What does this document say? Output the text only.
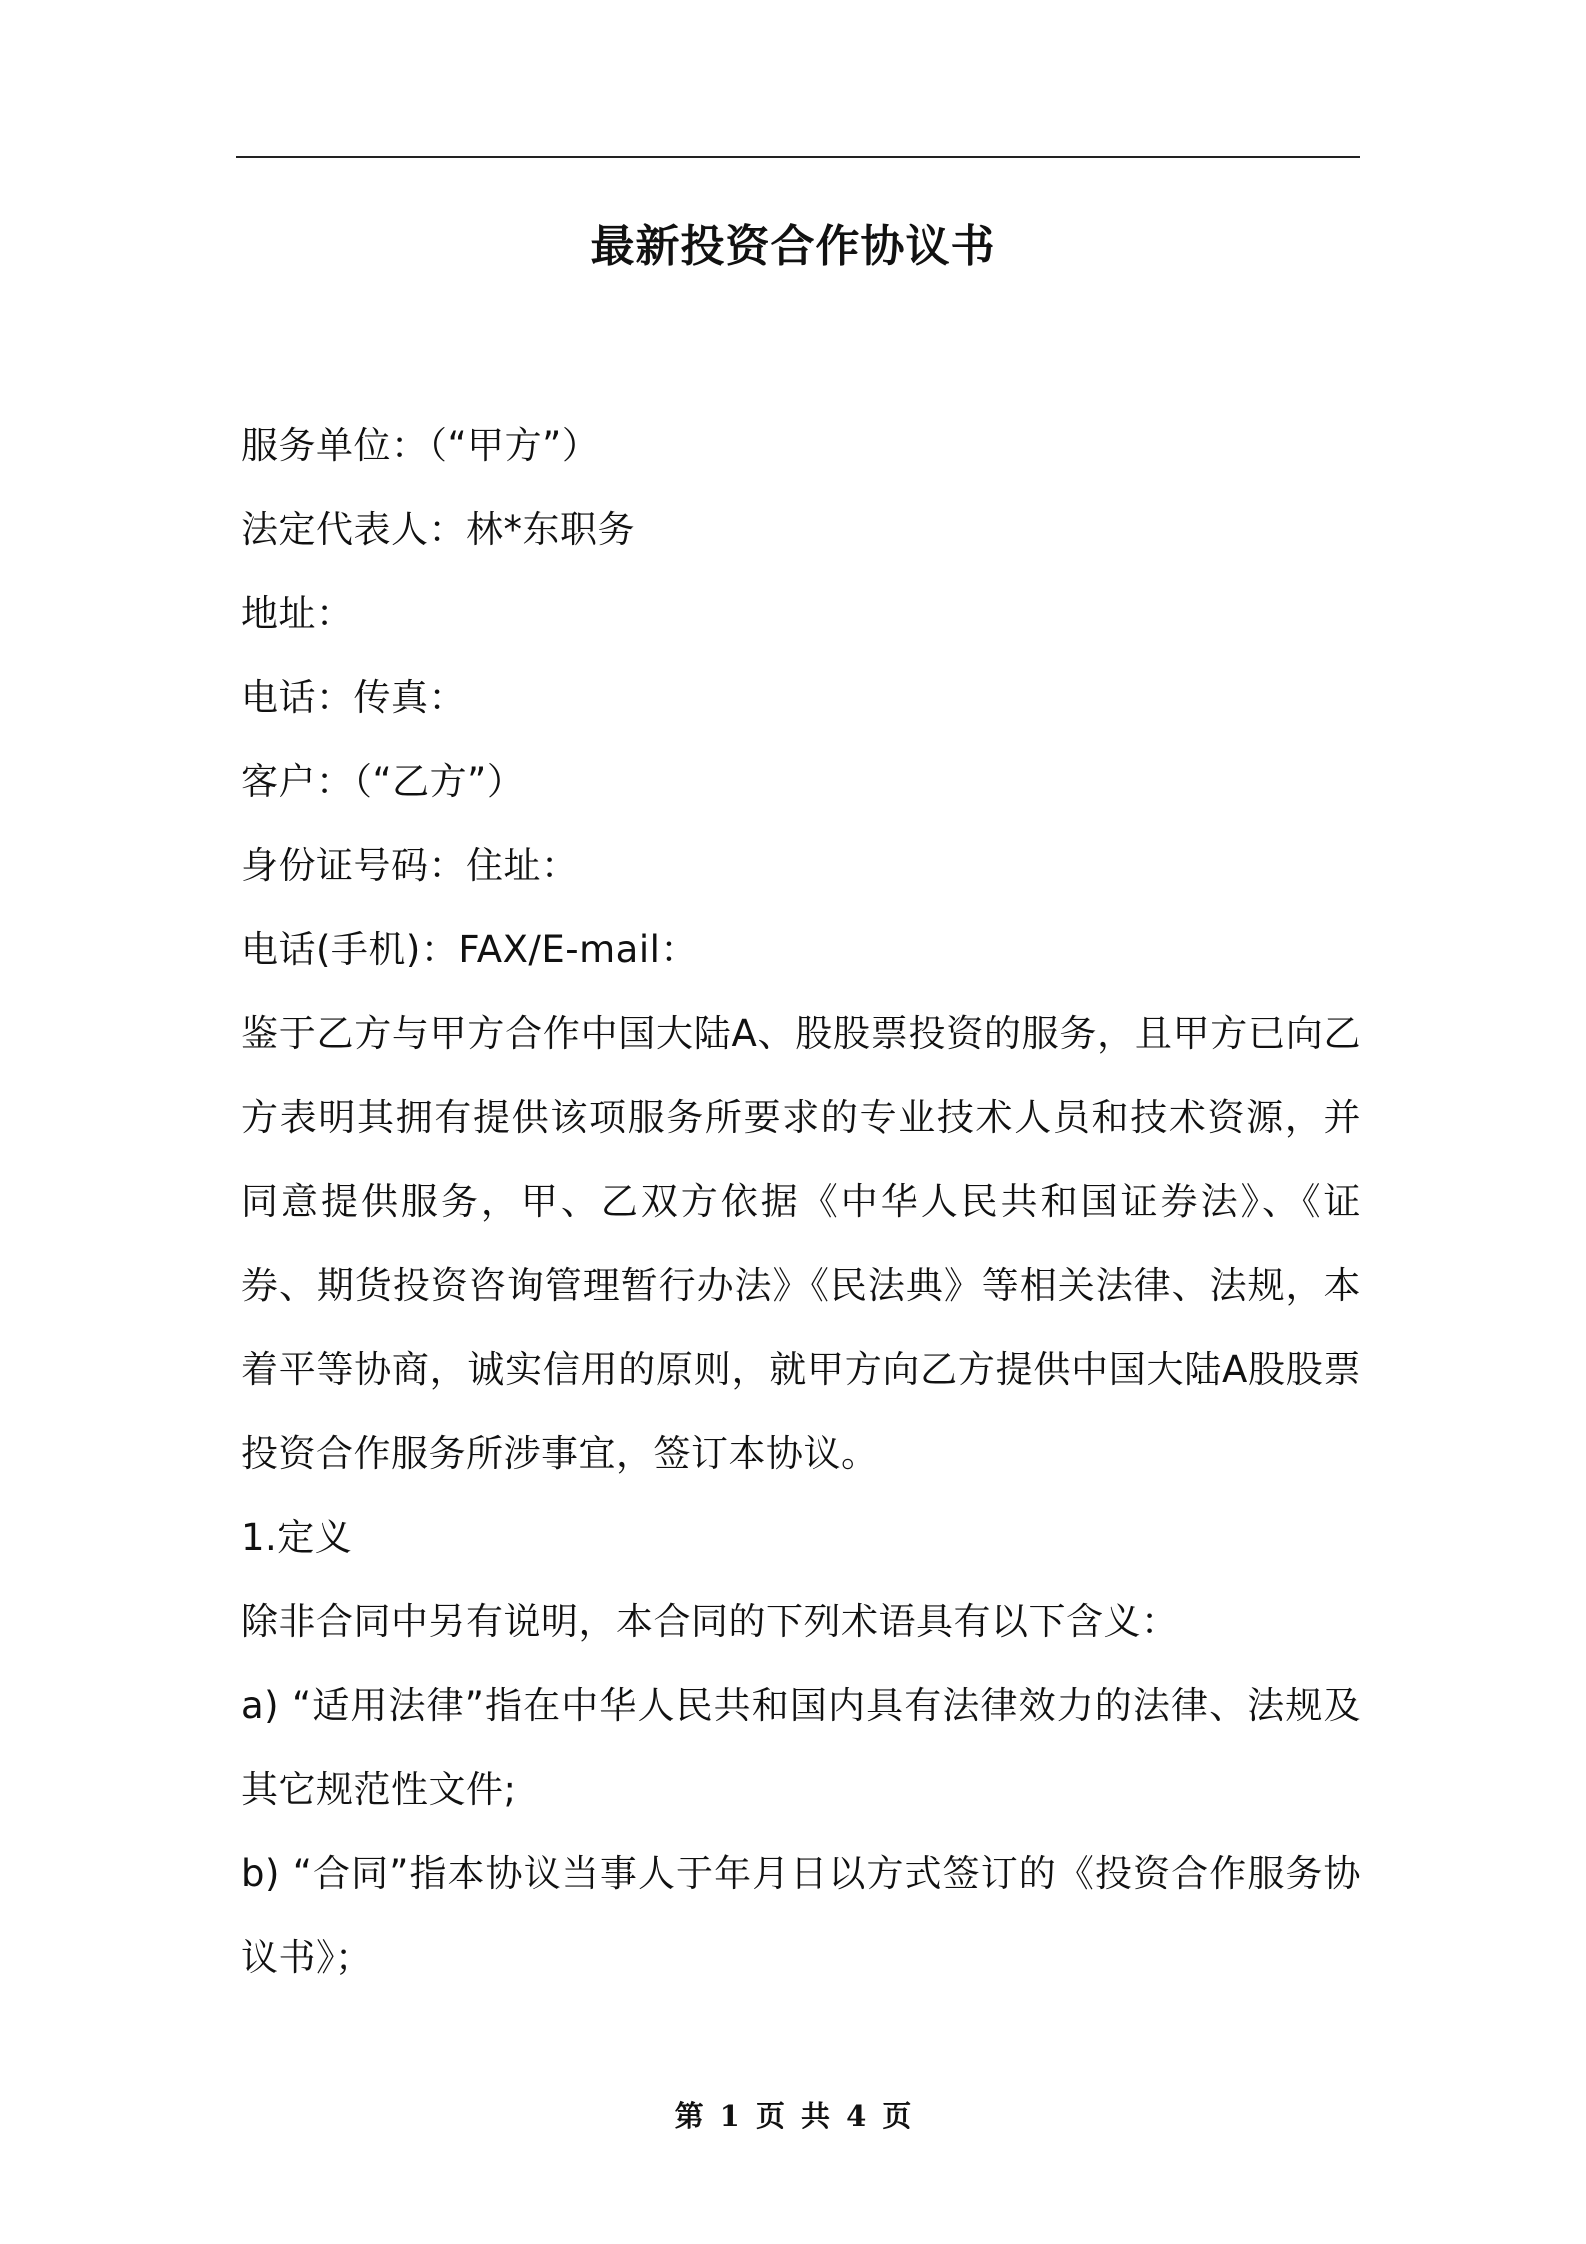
最新投资合作协议书
服务单位：（“甲方”）
法定代表人：林*东职务
地址：
电话：传真：
客户：（“乙方”）
身份证号码：住址：
电话(手机)：FAX/E-mail：
鉴于乙方与甲方合作中国大陆A、股股票投资的服务，且甲方已向乙方表明其拥有提供该项服务所要求的专业技术人员和技术资源，并同意提供服务，甲、乙双方依据《中华人民共和国证券法》、《证券、期货投资咨询管理暂行办法》《民法典》等相关法律、法规，本着平等协商，诚实信用的原则，就甲方向乙方提供中国大陆A股股票投资合作服务所涉事宜，签订本协议。
1.定义
除非合同中另有说明，本合同的下列术语具有以下含义：
a) “适用法律”指在中华人民共和国内具有法律效力的法律、法规及其它规范性文件;
b) “合同”指本协议当事人于年月日以方式签订的《投资合作服务协议书》；
第 1 页 共 4 页
